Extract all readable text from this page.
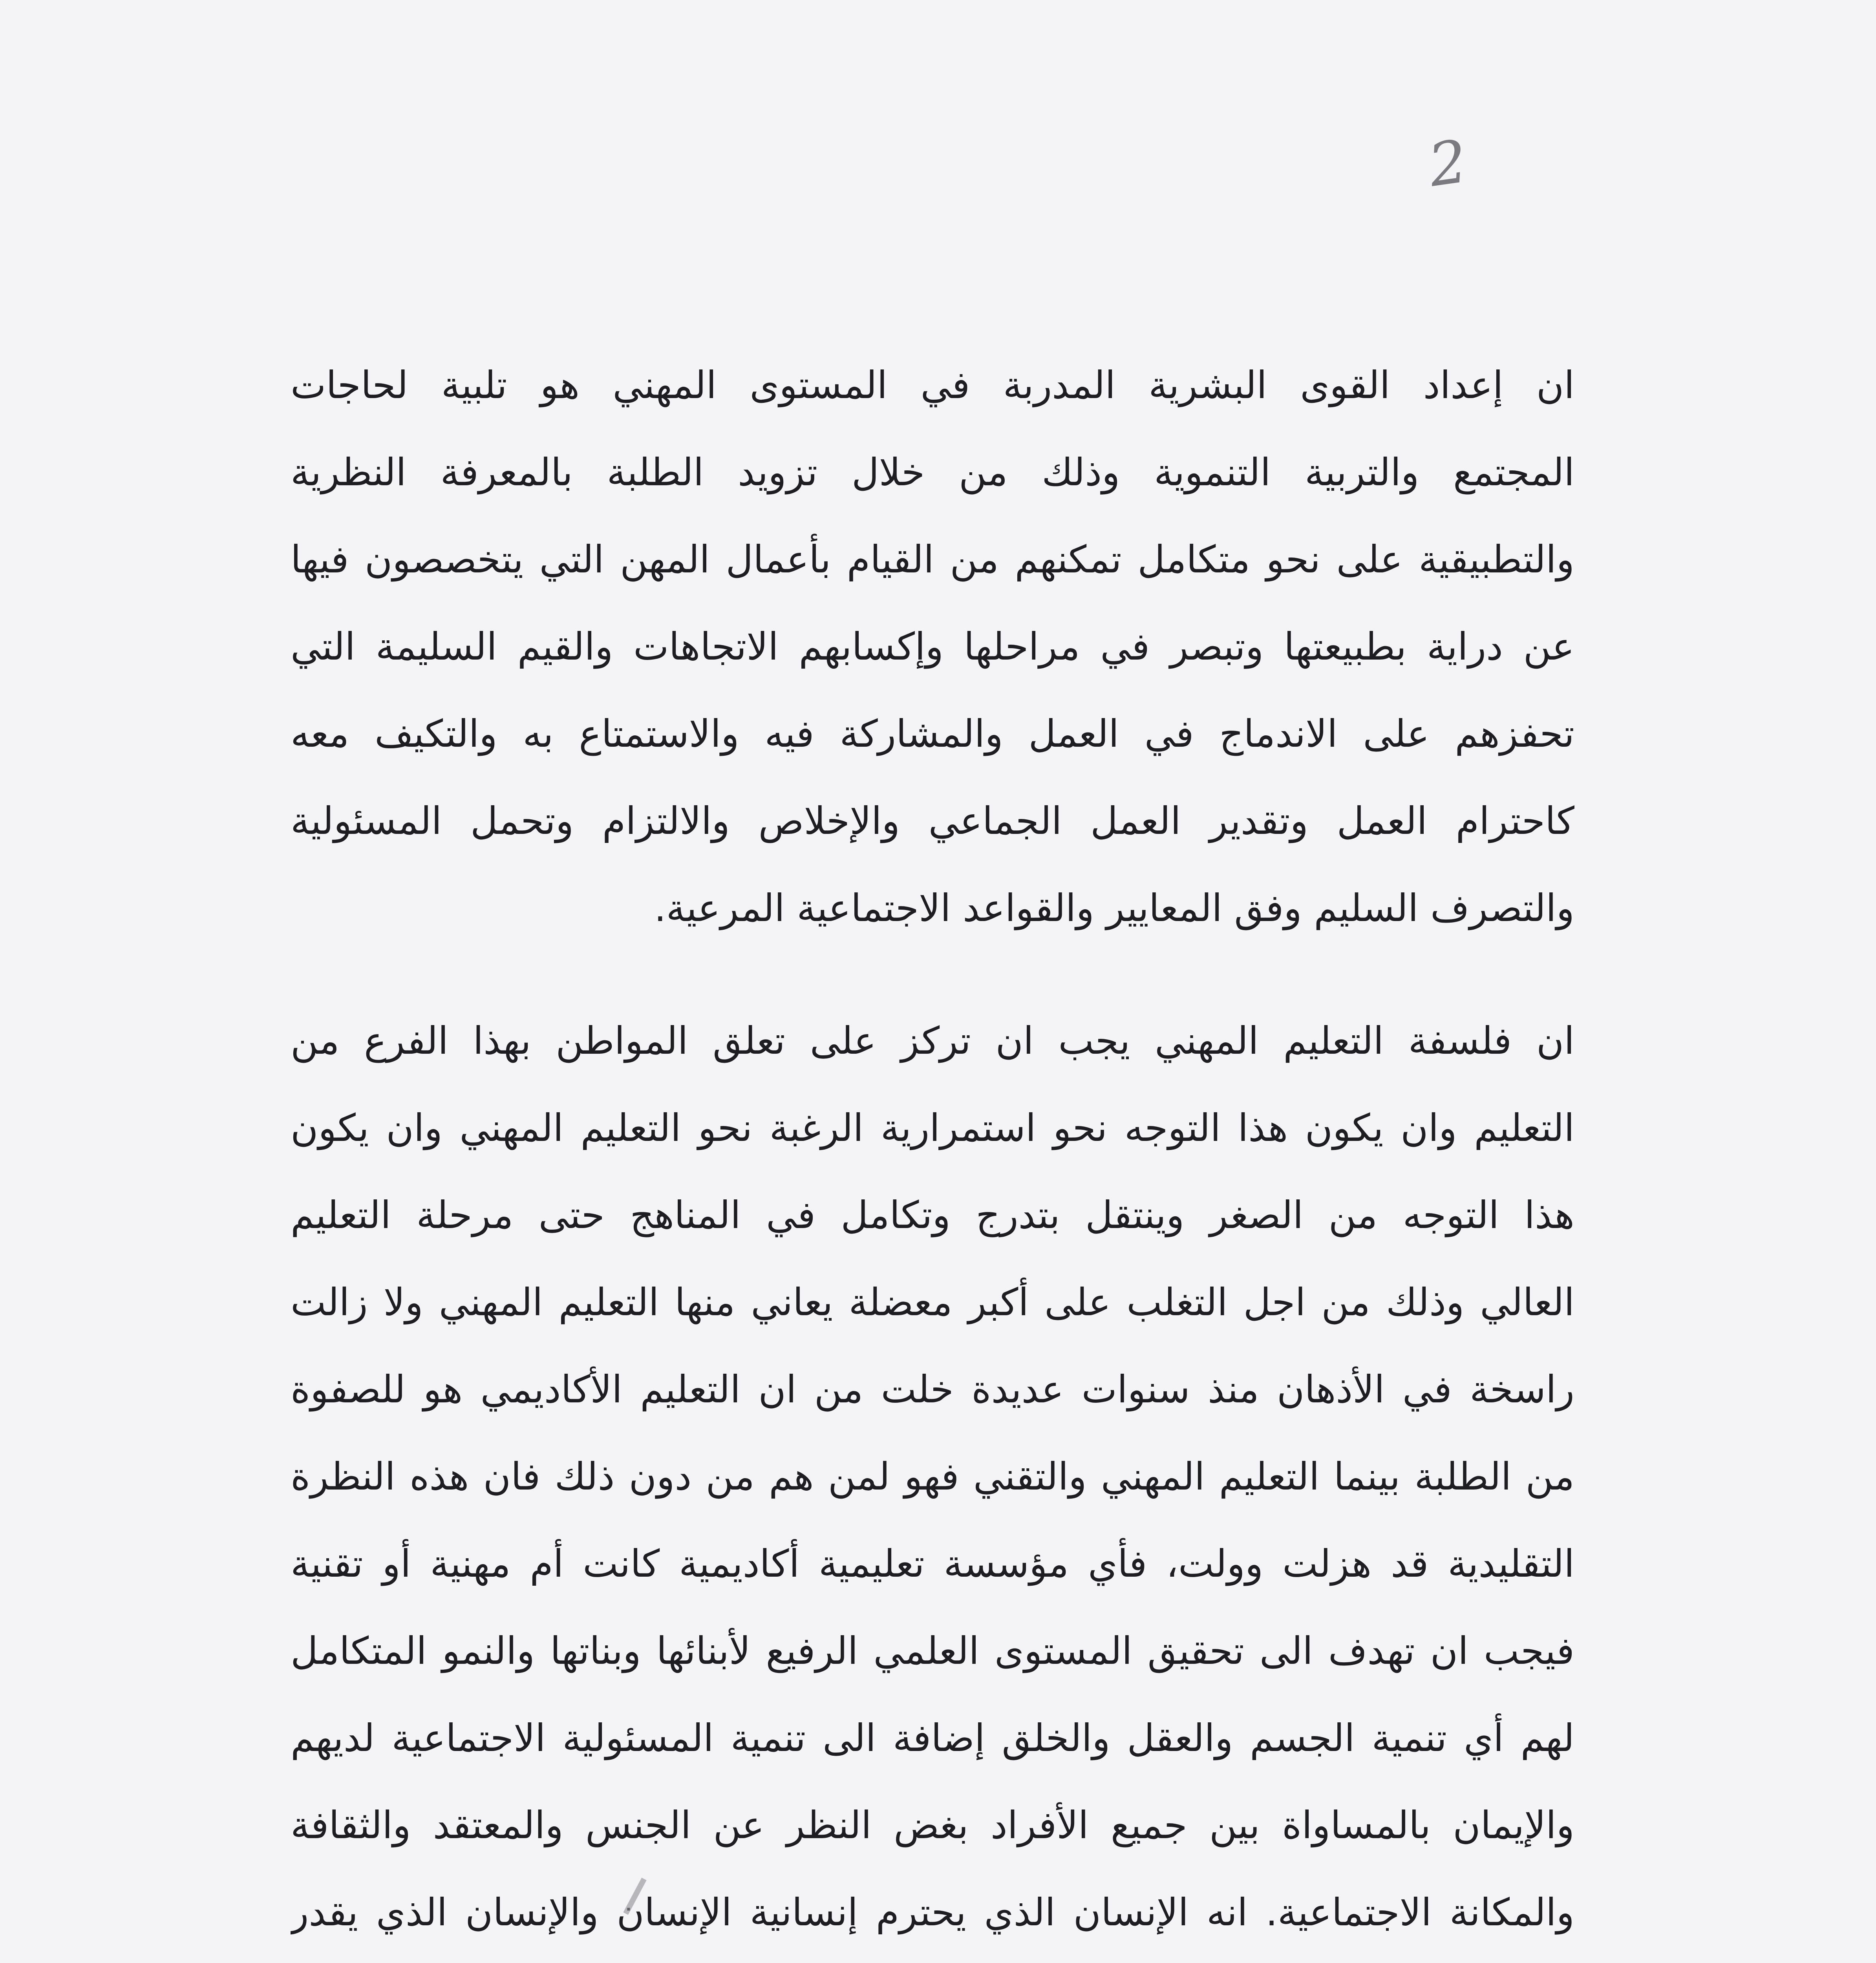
2
ان إعداد القوى البشرية المدربة في المستوى المهني هو تلبية لحاجات
المجتمع والتربية التنموية وذلك من خلال تزويد الطلبة بالمعرفة النظرية
والتطبيقية على نحو متكامل تمكنهم من القيام بأعمال المهن التي يتخصصون فيها
عن دراية بطبيعتها وتبصر في مراحلها وإكسابهم الاتجاهات والقيم السليمة التي
تحفزهم على الاندماج في العمل والمشاركة فيه والاستمتاع به والتكيف معه
كاحترام العمل وتقدير العمل الجماعي والإخلاص والالتزام وتحمل المسئولية
والتصرف السليم وفق المعايير والقواعد الاجتماعية المرعية.
ان فلسفة التعليم المهني يجب ان تركز على تعلق المواطن بهذا الفرع من
التعليم وان يكون هذا التوجه نحو استمرارية الرغبة نحو التعليم المهني وان يكون
هذا التوجه من الصغر وينتقل بتدرج وتكامل في المناهج حتى مرحلة التعليم
العالي وذلك من اجل التغلب على أكبر معضلة يعاني منها التعليم المهني ولا زالت
راسخة في الأذهان منذ سنوات عديدة خلت من ان التعليم الأكاديمي هو للصفوة
من الطلبة بينما التعليم المهني والتقني فهو لمن هم من دون ذلك فان هذه النظرة
التقليدية قد هزلت وولت، فأي مؤسسة تعليمية أكاديمية كانت أم مهنية أو تقنية
فيجب ان تهدف الى تحقيق المستوى العلمي الرفيع لأبنائها وبناتها والنمو المتكامل
لهم أي تنمية الجسم والعقل والخلق إضافة الى تنمية المسئولية الاجتماعية لديهم
والإيمان بالمساواة بين جميع الأفراد بغض النظر عن الجنس والمعتقد والثقافة
والمكانة الاجتماعية. انه الإنسان الذي يحترم إنسانية الإنسان والإنسان الذي يقدر
